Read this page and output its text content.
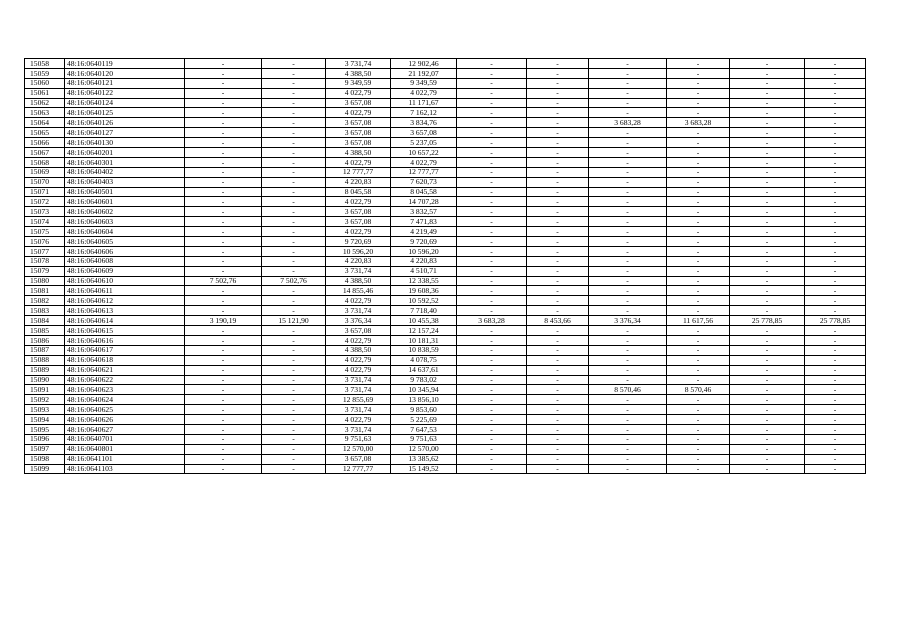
15058	48:16:0640119	-	-	3 731,74	12 902,46	-	-	-	-	-	-
15059	48:16:0640120	-	-	4 388,50	21 192,07	-	-	-	-	-	-
15060	48:16:0640121	-	-	9 349,59	9 349,59	-	-	-	-	-	-
15061	48:16:0640122	-	-	4 022,79	4 022,79	-	-	-	-	-	-
15062	48:16:0640124	-	-	3 657,08	11 171,67	-	-	-	-	-	-
15063	48:16:0640125	-	-	4 022,79	7 162,12	-	-	-	-	-	-
15064	48:16:0640126	-	-	3 657,08	3 834,76	-	-	3 683,28	3 683,28	-	-
15065	48:16:0640127	-	-	3 657,08	3 657,08	-	-	-	-	-	-
15066	48:16:0640130	-	-	3 657,08	5 237,05	-	-	-	-	-	-
15067	48:16:0640201	-	-	4 388,50	10 657,22	-	-	-	-	-	-
15068	48:16:0640301	-	-	4 022,79	4 022,79	-	-	-	-	-	-
15069	48:16:0640402	-	-	12 777,77	12 777,77	-	-	-	-	-	-
15070	48:16:0640403	-	-	4 220,83	7 620,73	-	-	-	-	-	-
15071	48:16:0640501	-	-	8 045,58	8 045,58	-	-	-	-	-	-
15072	48:16:0640601	-	-	4 022,79	14 707,28	-	-	-	-	-	-
15073	48:16:0640602	-	-	3 657,08	3 832,57	-	-	-	-	-	-
15074	48:16:0640603	-	-	3 657,08	7 471,83	-	-	-	-	-	-
15075	48:16:0640604	-	-	4 022,79	4 219,49	-	-	-	-	-	-
15076	48:16:0640605	-	-	9 720,69	9 720,69	-	-	-	-	-	-
15077	48:16:0640606	-	-	10 596,20	10 596,20	-	-	-	-	-	-
15078	48:16:0640608	-	-	4 220,83	4 220,83	-	-	-	-	-	-
15079	48:16:0640609	-	-	3 731,74	4 510,71	-	-	-	-	-	-
15080	48:16:0640610	7 502,76	7 502,76	4 388,50	12 338,55	-	-	-	-	-	-
15081	48:16:0640611	-	-	14 855,46	19 608,36	-	-	-	-	-	-
15082	48:16:0640612	-	-	4 022,79	10 592,52	-	-	-	-	-	-
15083	48:16:0640613	-	-	3 731,74	7 718,40	-	-	-	-	-	-
15084	48:16:0640614	3 190,19	15 121,90	3 376,34	10 455,38	3 683,28	8 453,66	3 376,34	11 617,56	25 778,85	25 778,85
15085	48:16:0640615	-	-	3 657,08	12 157,24	-	-	-	-	-	-
15086	48:16:0640616	-	-	4 022,79	10 181,31	-	-	-	-	-	-
15087	48:16:0640617	-	-	4 388,50	10 838,59	-	-	-	-	-	-
15088	48:16:0640618	-	-	4 022,79	4 078,75	-	-	-	-	-	-
15089	48:16:0640621	-	-	4 022,79	14 637,61	-	-	-	-	-	-
15090	48:16:0640622	-	-	3 731,74	9 783,02	-	-	-	-	-	-
15091	48:16:0640623	-	-	3 731,74	10 345,94	-	-	8 570,46	8 570,46	-	-
15092	48:16:0640624	-	-	12 855,69	13 856,10	-	-	-	-	-	-
15093	48:16:0640625	-	-	3 731,74	9 853,60	-	-	-	-	-	-
15094	48:16:0640626	-	-	4 022,79	5 225,69	-	-	-	-	-	-
15095	48:16:0640627	-	-	3 731,74	7 647,53	-	-	-	-	-	-
15096	48:16:0640701	-	-	9 751,63	9 751,63	-	-	-	-	-	-
15097	48:16:0640801	-	-	12 570,00	12 570,00	-	-	-	-	-	-
15098	48:16:0641101	-	-	3 657,08	13 385,62	-	-	-	-	-	-
15099	48:16:0641103	-	-	12 777,77	15 149,52	-	-	-	-	-	-
